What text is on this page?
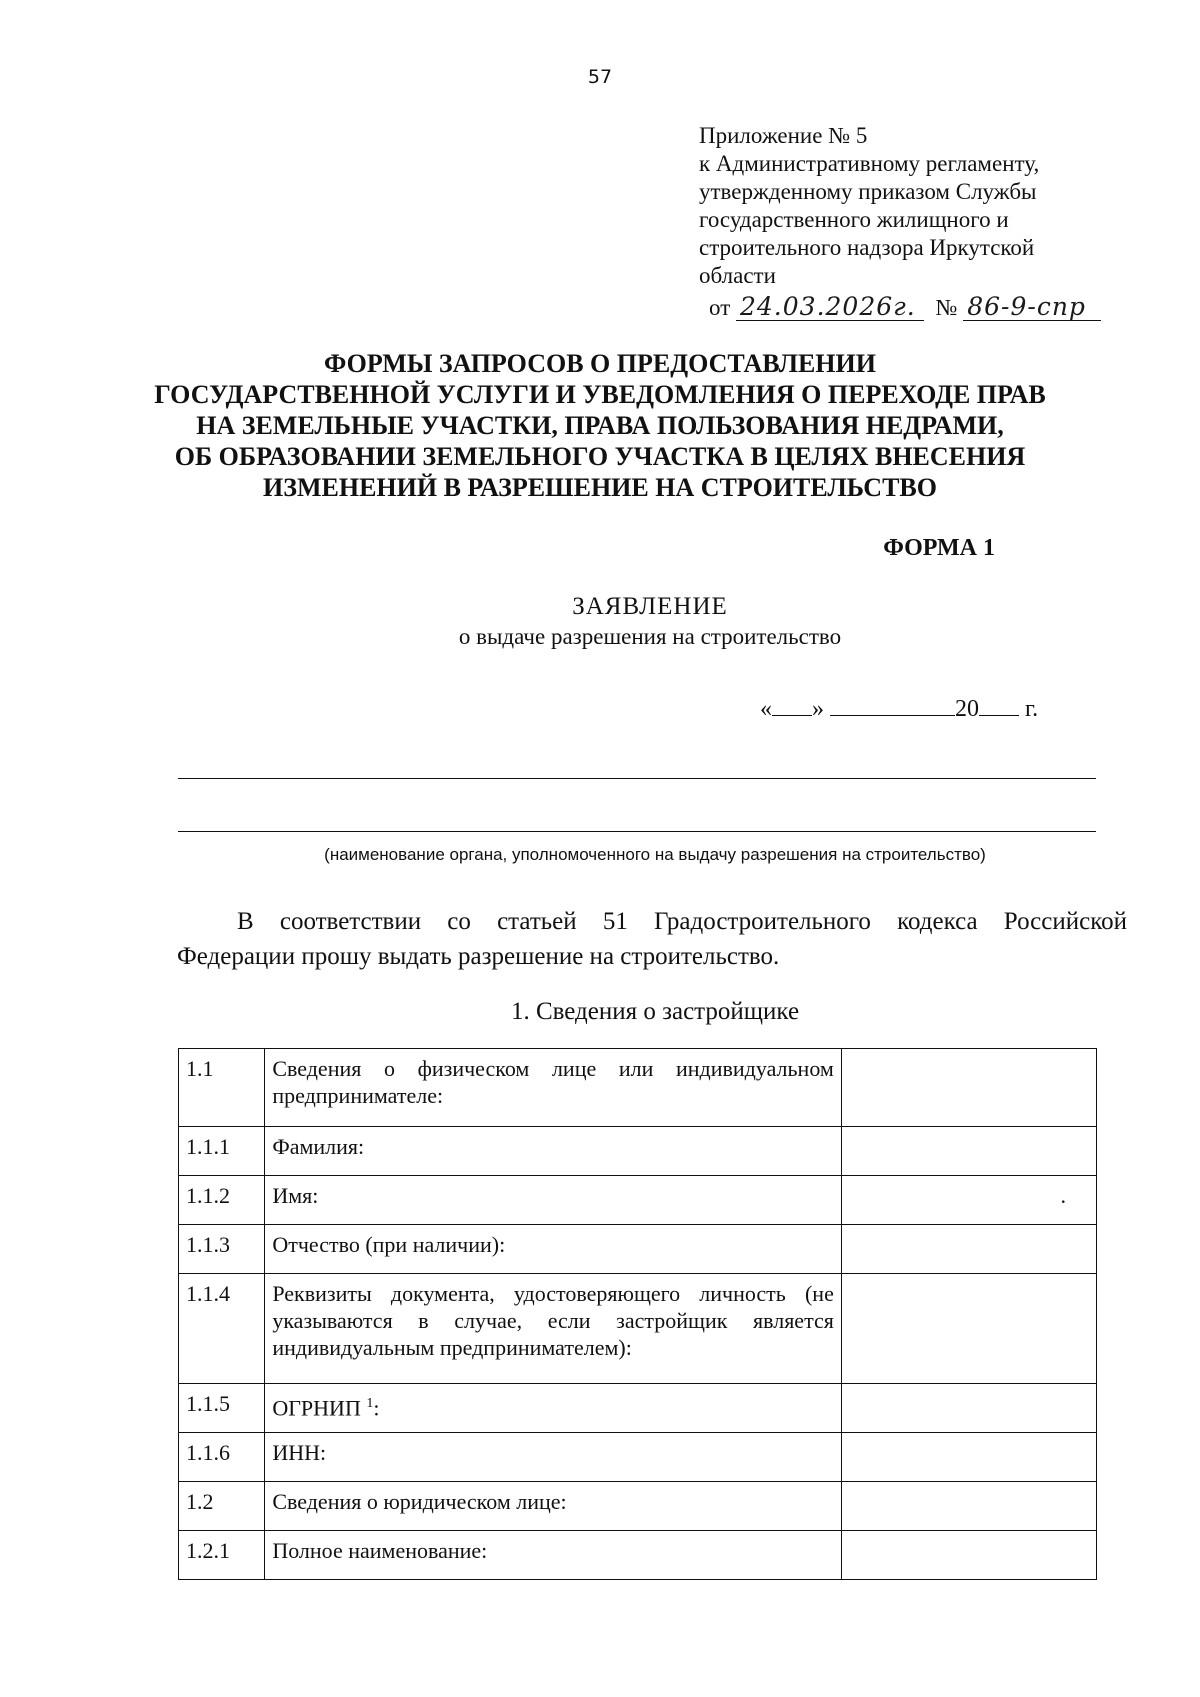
57
Приложение № 5
к Административному регламенту,
утвержденному приказом Службы
государственного жилищного и
строительного надзора Иркутской
области
от 24.03.2026г. № 86-9-спр
ФОРМЫ ЗАПРОСОВ О ПРЕДОСТАВЛЕНИИ
ГОСУДАРСТВЕННОЙ УСЛУГИ И УВЕДОМЛЕНИЯ О ПЕРЕХОДЕ ПРАВ
НА ЗЕМЕЛЬНЫЕ УЧАСТКИ, ПРАВА ПОЛЬЗОВАНИЯ НЕДРАМИ,
ОБ ОБРАЗОВАНИИ ЗЕМЕЛЬНОГО УЧАСТКА В ЦЕЛЯХ ВНЕСЕНИЯ
ИЗМЕНЕНИЙ В РАЗРЕШЕНИЕ НА СТРОИТЕЛЬСТВО
ФОРМА 1
ЗАЯВЛЕНИЕ
о выдаче разрешения на строительство
« »	20 г.
(наименование органа, уполномоченного на выдачу разрешения на строительство)
В соответствии со статьей 51 Градостроительного кодекса Российской
Федерации прошу выдать разрешение на строительство.
1. Сведения о застройщике
1.1	Сведения о физическом лице или индивидуальном предпринимателе:	
1.1.1	Фамилия:	
1.1.2	Имя:	.
1.1.3	Отчество (при наличии):	
1.1.4	Реквизиты документа, удостоверяющего личность (не указываются в случае, если застройщик является индивидуальным предпринимателем):	
1.1.5	ОГРНИП $^1$:	
1.1.6	ИНН:	
1.2	Сведения о юридическом лице:	
1.2.1	Полное наименование:	
